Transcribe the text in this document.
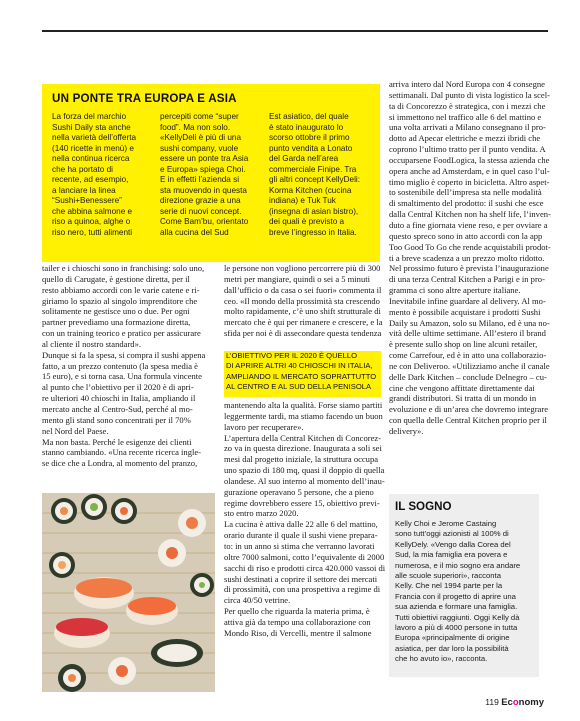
UN PONTE TRA EUROPA E ASIA
La forza del marchio
Sushi Daily sta anche
nella varietà dell’offerta
(140 ricette in menù) e
nella continua ricerca
che ha portato di
recente, ad esempio,
a lanciare la linea
“Sushi+Benessere”
che abbina salmone e
riso a quinoa, alghe o
riso nero, tutti alimenti
percepiti come “super
food”. Ma non solo.
«KellyDeli è più di una
sushi company, vuole
essere un ponte tra Asia
e Europa» spiega Choi.
E in effetti l’azienda si
sta muovendo in questa
direzione grazie a una
serie di nuovi concept.
Come Bam’bu, orientato
alla cucina del Sud
Est asiatico, del quale
è stato inaugurato lo
scorso ottobre il primo
punto vendita a Lonato
del Garda nell’area
commerciale Finipe. Tra
gli altri concept KellyDeli:
Korma Kitchen (cucina
indiana) e Tuk Tuk
(insegna di asian bistro),
dei quali è previsto a
breve l’ingresso in Italia.
tailer e i chioschi sono in franchising: solo uno,
quello di Carugate, è gestione diretta, per il
resto abbiamo accordi con le varie catene e ri-
giriamo lo spazio al singolo imprenditore che
solitamente ne gestisce uno o due. Per ogni
partner prevediamo una formazione diretta,
con un training teorico e pratico per assicurare
al cliente il nostro standard».
Dunque si fa la spesa, si compra il sushi appena
fatto, a un prezzo contenuto (la spesa media è
15 euro), e si torna casa. Una formula vincente
al punto che l’obiettivo per il 2020 è di apri-
re ulteriori 40 chioschi in Italia, ampliando il
mercato anche al Centro-Sud, perché al mo-
mento gli stand sono concentrati per il 70%
nel Nord del Paese.
Ma non basta. Perché le esigenze dei clienti
stanno cambiando. «Una recente ricerca ingle-
se dice che a Londra, al momento del pranzo,
le persone non vogliono percorrere più di 300
metri per mangiare, quindi o sei a 5 minuti
dall’ufficio o da casa o sei fuori» commenta il
ceo. «Il mondo della prossimità sta crescendo
molto rapidamente, c’è uno shift strutturale di
mercato che è qui per rimanere e crescere, e la
sfida per noi è di assecondare questa tendenza
L’OBIETTIVO PER IL 2020 È QUELLO
DI APRIRE ALTRI 40 CHIOSCHI IN ITALIA,
AMPLIANDO IL MERCATO SOPRATTUTTO
AL CENTRO E AL SUD DELLA PENISOLA
mantenendo alta la qualità. Forse siamo partiti
leggermente tardi, ma stiamo facendo un buon
lavoro per recuperare».
L’apertura della Central Kitchen di Concorez-
zo va in questa direzione. Inaugurata a soli sei
mesi dal progetto iniziale, la struttura occupa
uno spazio di 180 mq, quasi il doppio di quella
olandese. Al suo interno al momento dell’inau-
gurazione operavano 5 persone, che a pieno
regime dovrebbero essere 15, obiettivo previ-
sto entro marzo 2020.
La cucina è attiva dalle 22 alle 6 del mattino,
orario durante il quale il sushi viene prepara-
to: in un anno si stima che verranno lavorati
oltre 7000 salmoni, cotto l’equivalente di 2000
sacchi di riso e prodotti circa 420.000 vassoi di
sushi destinati a coprire il settore dei mercati
di prossimità, con una prospettiva a regime di
circa 40/50 vetrine.
Per quello che riguarda la materia prima, è
attiva già da tempo una collaborazione con
Mondo Riso, di Vercelli, mentre il salmone
arriva intero dal Nord Europa con 4 consegne
settimanali. Dal punto di vista logistico la scel-
ta di Concorezzo è strategica, con i mezzi che
si immettono nel traffico alle 6 del mattino e
una volta arrivati a Milano consegnano il pro-
dotto ad Apecar elettriche e mezzi ibridi che
coprono l’ultimo tratto per il punto vendita. A
occuparsene FoodLogica, la stessa azienda che
opera anche ad Amsterdam, e in quel caso l’ul-
timo miglio è coperto in bicicletta. Altro aspet-
to sostenibile dell’impresa sta nelle modalità
di smaltimento del prodotto: il sushi che esce
dalla Central Kitchen non ha shelf life, l’inven-
duto a fine giornata viene reso, e per ovviare a
questo spreco sono in atto accordi con la app
Too Good To Go che rende acquistabili prodot-
ti a breve scadenza a un prezzo molto ridotto.
Nel prossimo futuro è prevista l’inaugurazione
di una terza Central Kitchen a Parigi e in pro-
gramma ci sono altre aperture italiane.
Inevitabile infine guardare al delivery. Al mo-
mento è possibile acquistare i prodotti Sushi
Daily su Amazon, solo su Milano, ed è una no-
vità delle ultime settimane. All’estero il brand
è presente sullo shop on line alcuni retailer,
come Carrefour, ed è in atto una collaborazio-
ne con Deliveroo. «Utilizziamo anche il canale
delle Dark Kitchen – conclude Delnegro – cu-
cine che vengono affittate direttamente dai
grandi distributori. Si tratta di un mondo in
evoluzione e di un’area che dovremo integrare
con quella delle Central Kitchen proprio per il
delivery».
IL SOGNO
Kelly Choi e Jerome Castaing
sono tutt’oggi azionisti al 100% di
KellyDely. «Vengo dalla Corea del
Sud, la mia famiglia era povera e
numerosa, e il mio sogno era andare
alle scuole superiori», racconta
Kelly. Che nel 1994 parte per la
Francia con il progetto di aprire una
sua azienda e formare una famiglia.
Tutti obiettivi raggiunti. Oggi Kelly dà
lavoro a più di 4000 persone in tutta
Europa «principalmente di origine
asiatica, per dar loro la possibilità
che ho avuto io», racconta.
119 Economy
